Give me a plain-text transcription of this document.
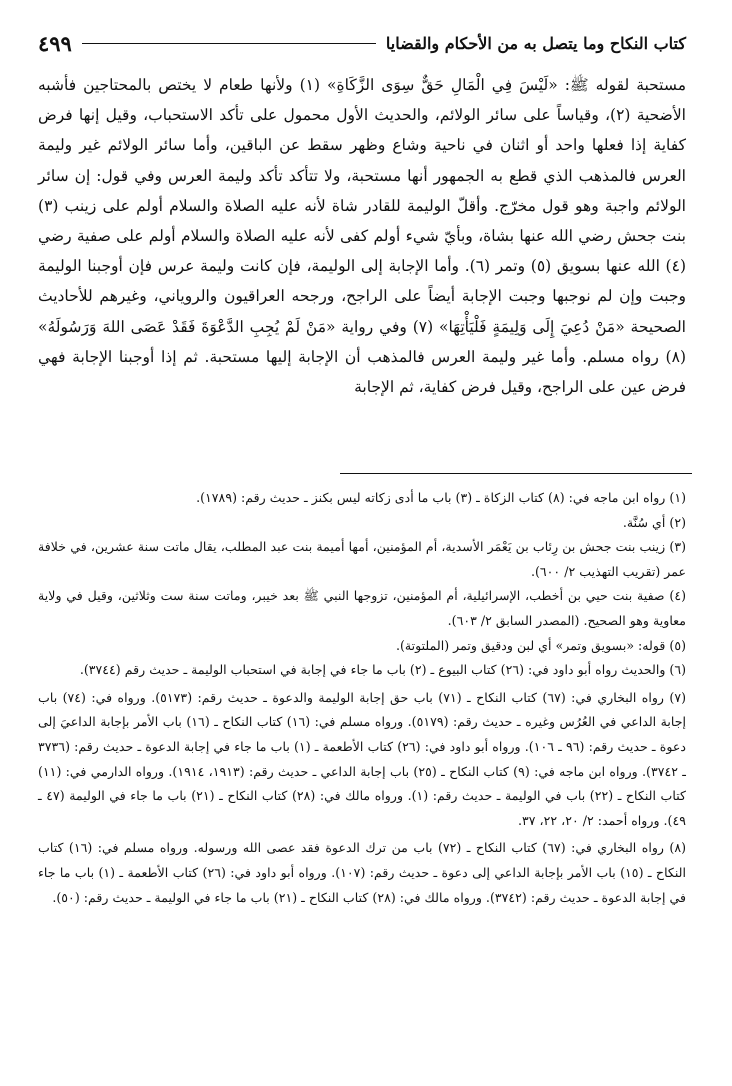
كتاب النكاح وما يتصل به من الأحكام والقضايا
٤٩٩

مستحبة لقوله ﷺ: «لَيْسَ فِي الْمَالِ حَقٌّ سِوَى الزَّكَاةِ» (١) ولأنها طعام لا يختص بالمحتاجين فأشبه الأضحية (٢)، وقياساً على سائر الولائم، والحديث الأول محمول على تأكد الاستحباب، وقيل إنها فرض كفاية إذا فعلها واحد أو اثنان في ناحية وشاع وظهر سقط عن الباقين، وأما سائر الولائم غير وليمة العرس فالمذهب الذي قطع به الجمهور أنها مستحبة، ولا تتأكد تأكد وليمة العرس وفي قول: إن سائر الولائم واجبة وهو قول مخرّج. وأقلّ الوليمة للقادر شاة لأنه عليه الصلاة والسلام أولم على زينب (٣) بنت جحش رضي الله عنها بشاة، وبأيّ شيء أولم كفى لأنه عليه الصلاة والسلام أولم على صفية رضي (٤) الله عنها بسويق (٥) وتمر (٦). وأما الإجابة إلى الوليمة، فإن كانت وليمة عرس فإن أوجبنا الوليمة وجبت وإن لم نوجبها وجبت الإجابة أيضاً على الراجح، ورجحه العراقيون والروياني، وغيرهم للأحاديث الصحيحة «مَنْ دُعِيَ إِلَى وَلِيمَةٍ فَلْيَأْتِهَا» (٧) وفي رواية «مَنْ لَمْ يُجِبِ الدَّعْوَةَ فَقَدْ عَصَى اللهَ وَرَسُولَهُ» (٨) رواه مسلم. وأما غير وليمة العرس فالمذهب أن الإجابة إليها مستحبة. ثم إذا أوجبنا الإجابة فهي فرض عين على الراجح، وقيل فرض كفاية، ثم الإجابة

(١) رواه ابن ماجه في: (٨) كتاب الزكاة ـ (٣) باب ما أدى زكاته ليس بكنز ـ حديث رقم: (١٧٨٩).

(٢) أي سُنَّة.

(٣) زينب بنت جحش بن رِئاب بن يَعْمَر الأسدية، أم المؤمنين، أمها أميمة بنت عبد المطلب، يقال ماتت سنة عشرين، في خلافة عمر (تقريب التهذيب ٢/ ٦٠٠).

(٤) صفية بنت حيي بن أخطب، الإسرائيلية، أم المؤمنين، تزوجها النبي ﷺ بعد خيبر، وماتت سنة ست وثلاثين، وقيل في ولاية معاوية وهو الصحيح. (المصدر السابق ٢/ ٦٠٣).

(٥) قوله: «بسويق وتمر» أي لبن ودقيق وتمر (الملتوتة).

(٦) والحديث رواه أبو داود في: (٢٦) كتاب البيوع ـ (٢) باب ما جاء في إجابة في استحباب الوليمة ـ حديث رقم (٣٧٤٤).

(٧) رواه البخاري في: (٦٧) كتاب النكاح ـ (٧١) باب حق إجابة الوليمة والدعوة ـ حديث رقم: (٥١٧٣). ورواه في: (٧٤) باب إجابة الداعي في العُرُس وغيره ـ حديث رقم: (٥١٧٩). ورواه مسلم في: (١٦) كتاب النكاح ـ (١٦) باب الأمر بإجابة الداعيَ إلى دعوة ـ حديث رقم: (٩٦ ـ ١٠٦). ورواه أبو داود في: (٢٦) كتاب الأطعمة ـ (١) باب ما جاء في إجابة الدعوة ـ حديث رقم: (٣٧٣٦ ـ ٣٧٤٢). ورواه ابن ماجه في: (٩) كتاب النكاح ـ (٢٥) باب إجابة الداعي ـ حديث رقم: (١٩١٣، ١٩١٤). ورواه الدارمي في: (١١) كتاب النكاح ـ (٢٢) باب في الوليمة ـ حديث رقم: (١). ورواه مالك في: (٢٨) كتاب النكاح ـ (٢١) باب ما جاء في الوليمة (٤٧ ـ ٤٩). ورواه أحمد: ٢/ ٢٠، ٢٢، ٣٧.

(٨) رواه البخاري في: (٦٧) كتاب النكاح ـ (٧٢) باب من ترك الدعوة فقد عصى الله ورسوله. ورواه مسلم في: (١٦) كتاب النكاح ـ (١٥) باب الأمر بإجابة الداعي إلى دعوة ـ حديث رقم: (١٠٧). ورواه أبو داود في: (٢٦) كتاب الأطعمة ـ (١) باب ما جاء في إجابة الدعوة ـ حديث رقم: (٣٧٤٢). ورواه مالك في: (٢٨) كتاب النكاح ـ (٢١) باب ما جاء في الوليمة ـ حديث رقم: (٥٠).
